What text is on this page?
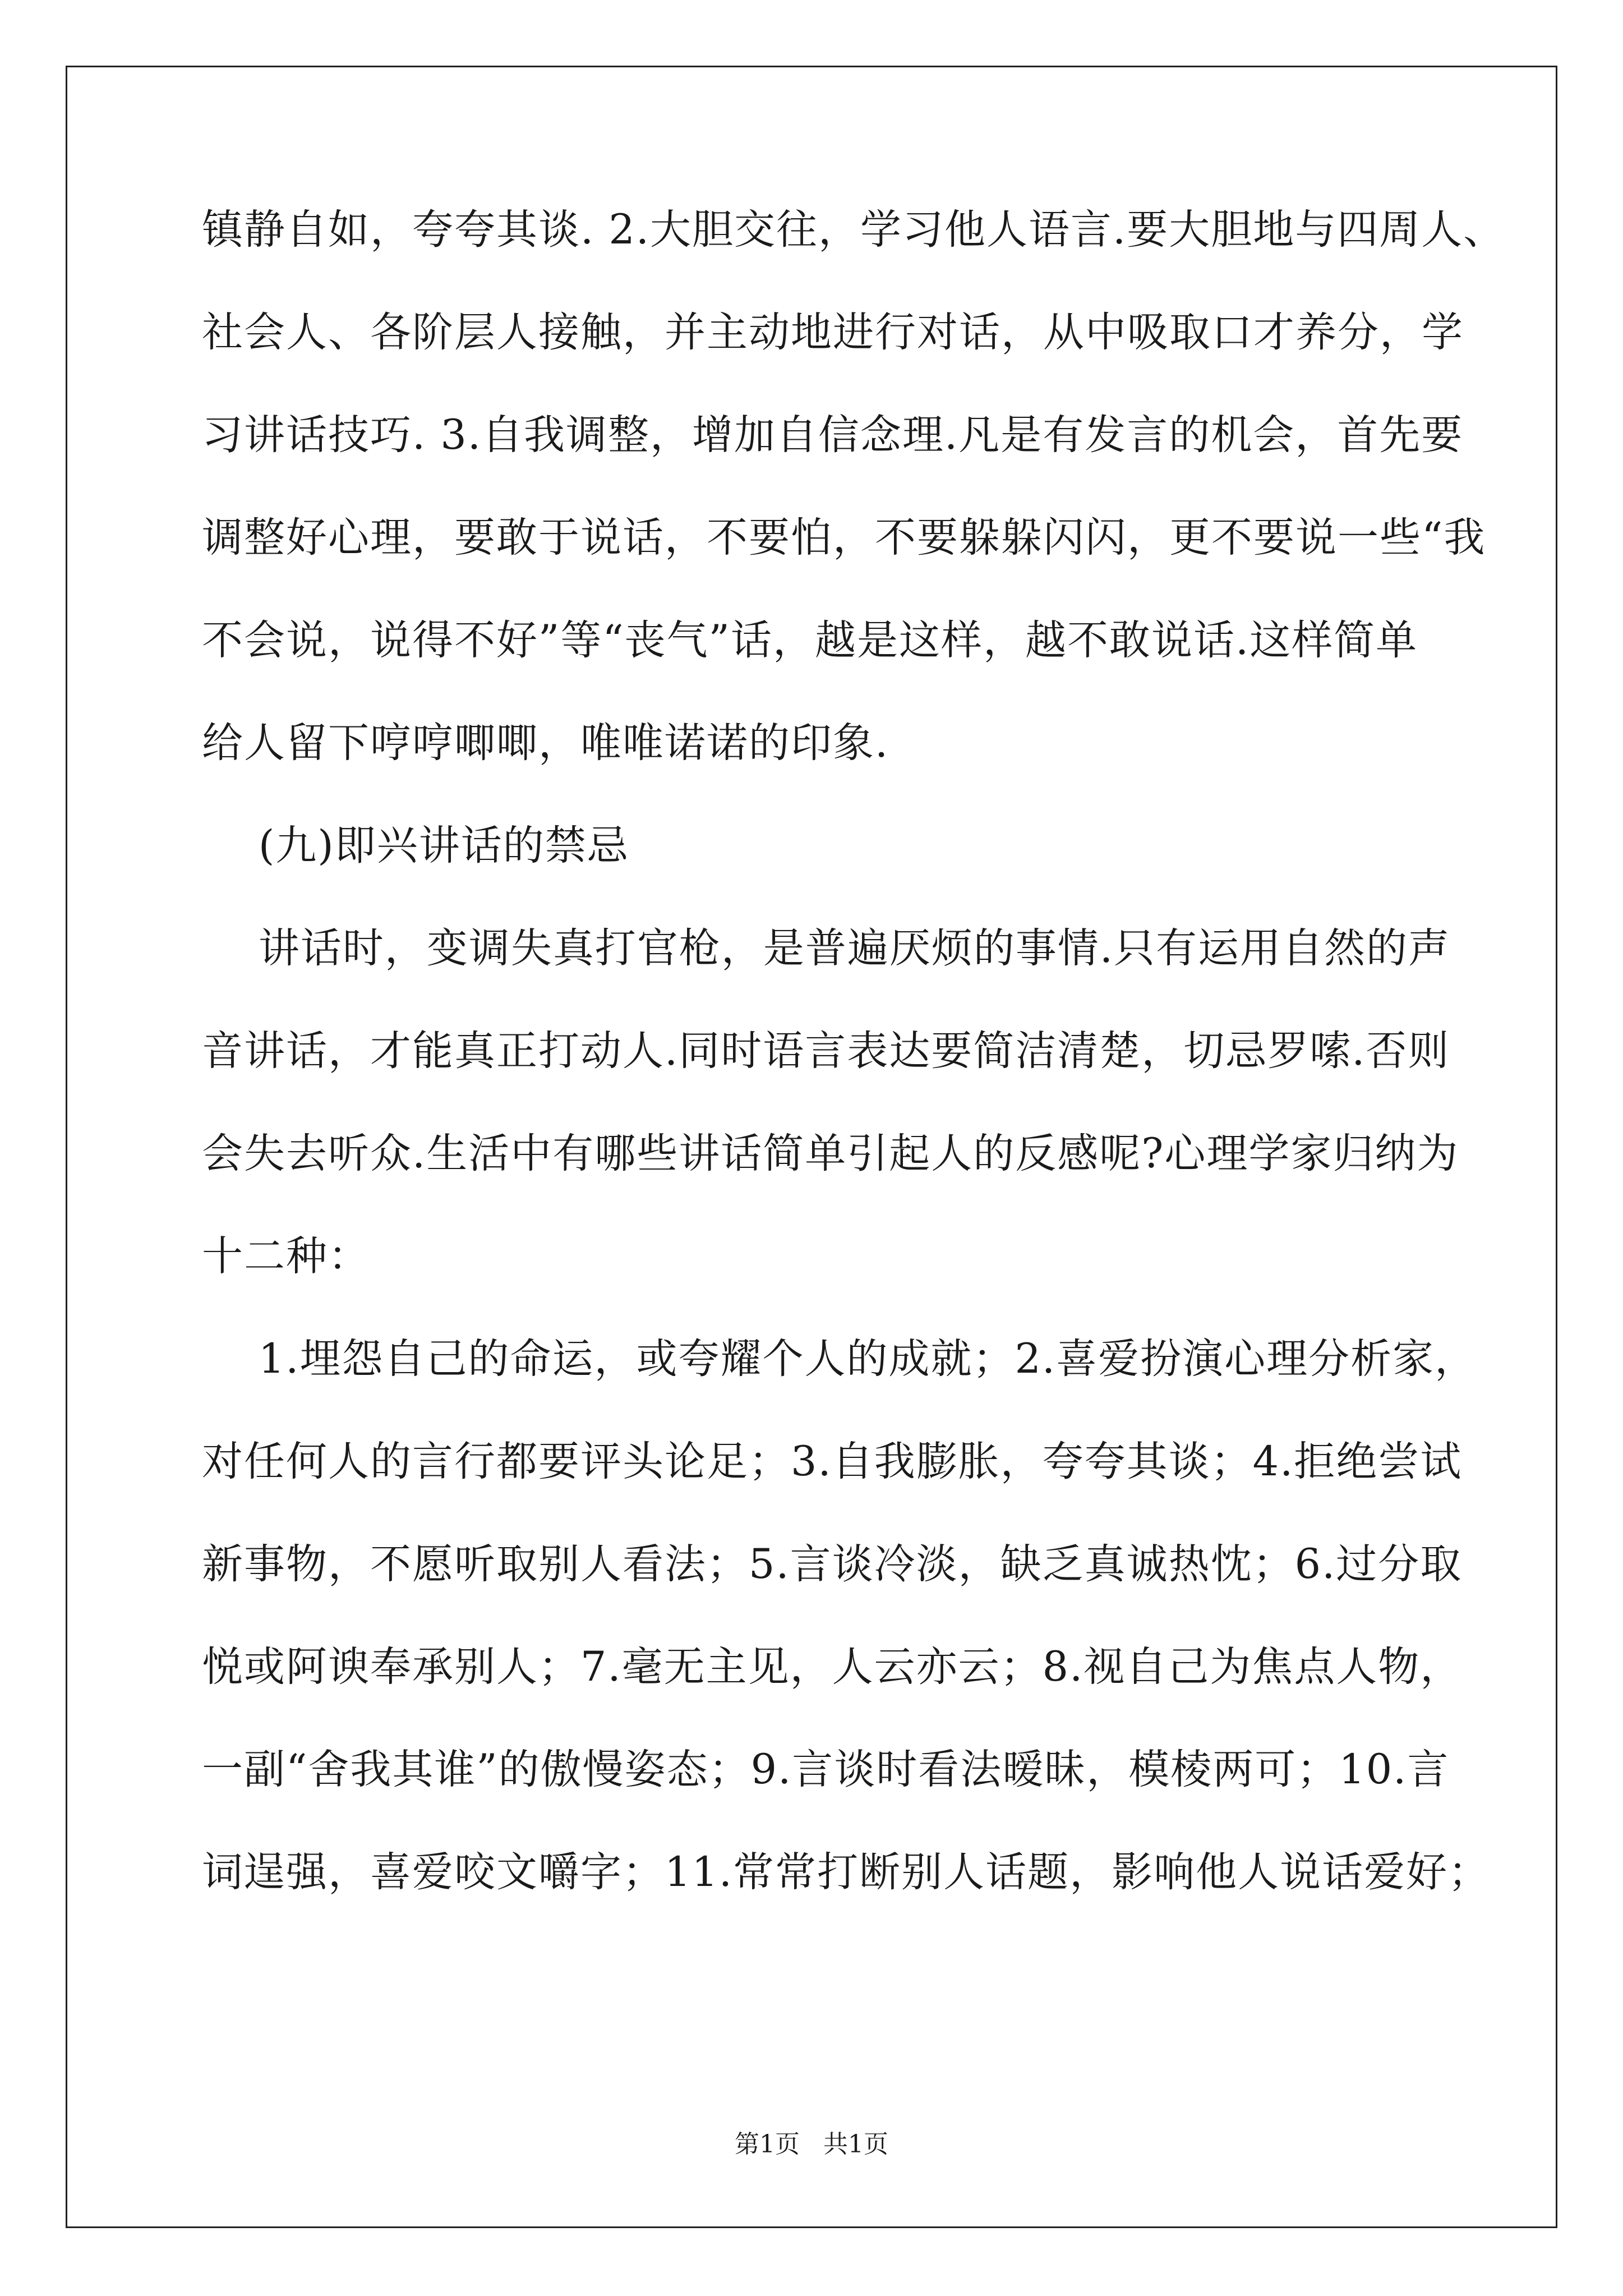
镇静自如，夸夸其谈. 2.大胆交往，学习他人语言.要大胆地与四周人、
社会人、各阶层人接触，并主动地进行对话，从中吸取口才养分，学
习讲话技巧. 3.自我调整，增加自信念理.凡是有发言的机会，首先要
调整好心理，要敢于说话，不要怕，不要躲躲闪闪，更不要说一些“我
不会说，说得不好”等“丧气”话，越是这样，越不敢说话.这样简单
给人留下哼哼唧唧，唯唯诺诺的印象.
(九)即兴讲话的禁忌
讲话时，变调失真打官枪，是普遍厌烦的事情.只有运用自然的声
音讲话，才能真正打动人.同时语言表达要简洁清楚，切忌罗嗦.否则
会失去听众.生活中有哪些讲话简单引起人的反感呢?心理学家归纳为
十二种：
1.埋怨自己的命运，或夸耀个人的成就；2.喜爱扮演心理分析家，
对任何人的言行都要评头论足；3.自我膨胀，夸夸其谈；4.拒绝尝试
新事物，不愿听取别人看法；5.言谈冷淡，缺乏真诚热忱；6.过分取
悦或阿谀奉承别人；7.毫无主见，人云亦云；8.视自己为焦点人物，
一副“舍我其谁”的傲慢姿态；9.言谈时看法暧昧，模棱两可；10.言
词逞强，喜爱咬文嚼字；11.常常打断别人话题，影响他人说话爱好；
第1页   共1页
